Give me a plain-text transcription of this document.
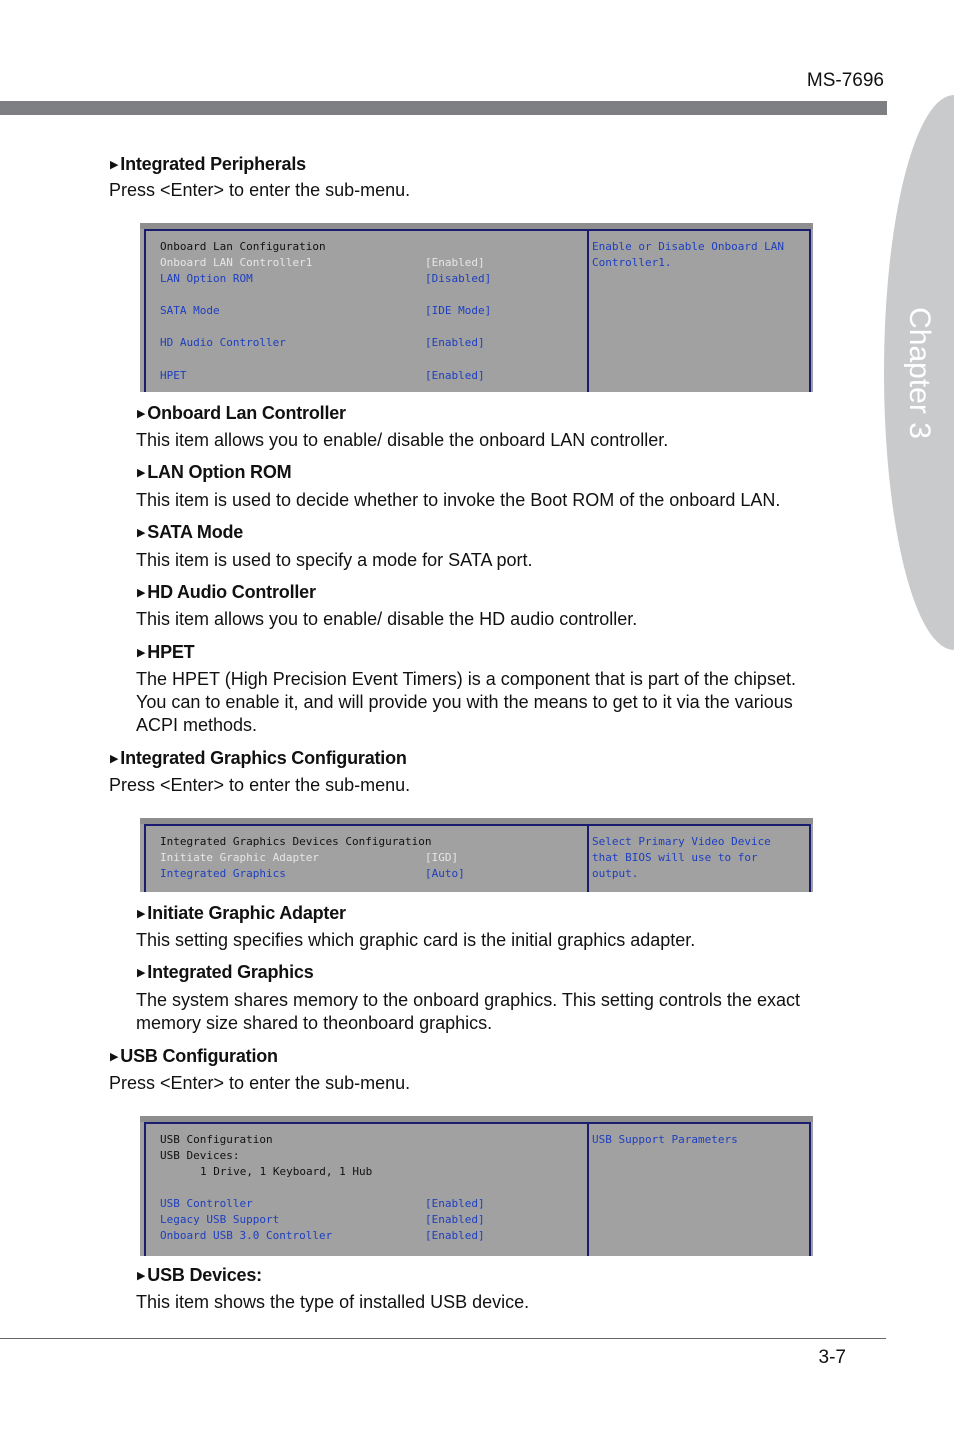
MS-7696
Chapter 3
▶ Integrated Peripherals
Press <Enter> to enter the sub-menu.
Onboard Lan Configuration
Onboard LAN Controller1	[Enabled]
LAN Option ROM	[Disabled]
SATA Mode	[IDE Mode]
HD Audio Controller	[Enabled]
HPET	[Enabled]
Enable or Disable Onboard LAN
Controller1.
▶ Onboard Lan Controller
This item allows you to enable/ disable the onboard LAN controller.
▶ LAN Option ROM
This item is used to decide whether to invoke the Boot ROM of the onboard LAN.
▶ SATA Mode
This item is used to specify a mode for SATA port.
▶ HD Audio Controller
This item allows you to enable/ disable the HD audio controller.
▶ HPET
The HPET (High Precision Event Timers) is a component that is part of the chipset.
You can to enable it, and will provide you with the means to get to it via the various
ACPI methods.
▶ Integrated Graphics Configuration
Press <Enter> to enter the sub-menu.
Integrated Graphics Devices Configuration
Initiate Graphic Adapter	[IGD]
Integrated Graphics	[Auto]
Select Primary Video Device
that BIOS will use to for
output.
▶ Initiate Graphic Adapter
This setting specifies which graphic card is the initial graphics adapter.
▶ Integrated Graphics
The system shares memory to the onboard graphics. This setting controls the exact
memory size shared to theonboard graphics.
▶ USB Configuration
Press <Enter> to enter the sub-menu.
USB Configuration
USB Devices:
1 Drive, 1 Keyboard, 1 Hub
USB Controller	[Enabled]
Legacy USB Support	[Enabled]
Onboard USB 3.0 Controller	[Enabled]
USB Support Parameters
▶ USB Devices:
This item shows the type of installed USB device.
3-7
